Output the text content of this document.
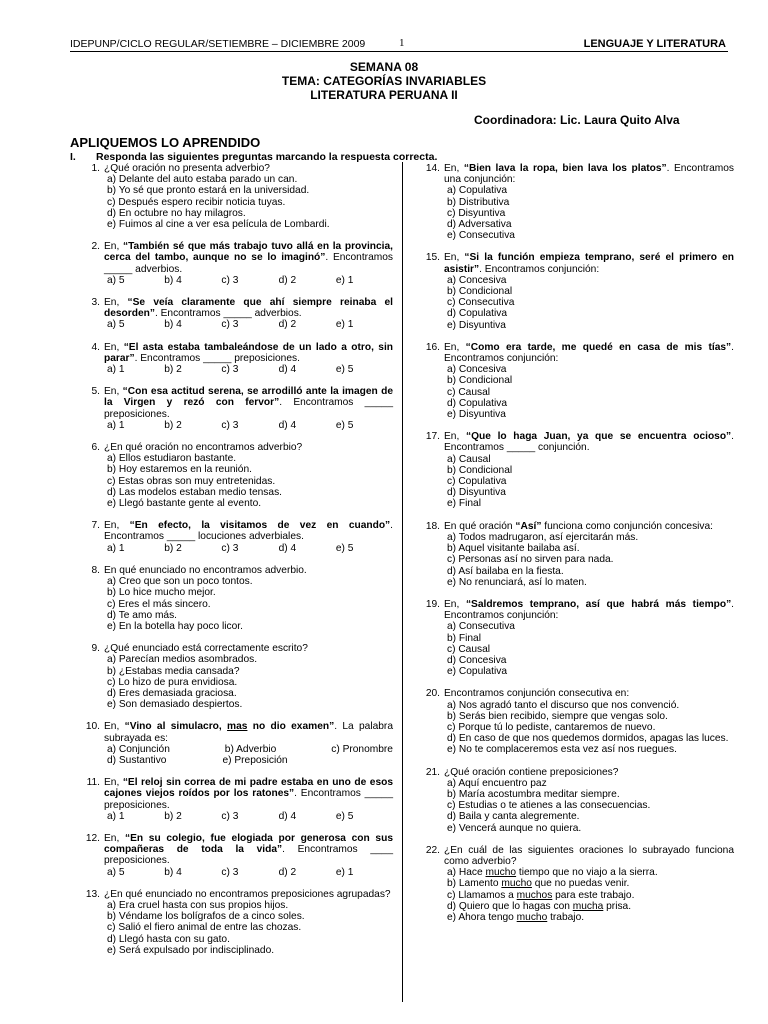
IDEPUNP/CICLO REGULAR/SETIEMBRE – DICIEMBRE 2009	1	LENGUAJE Y LITERATURA
SEMANA 08
TEMA: CATEGORÍAS INVARIABLES
LITERATURA PERUANA II
Coordinadora: Lic. Laura Quito Alva
APLIQUEMOS LO APRENDIDO
I. Responda las siguientes preguntas marcando la respuesta correcta.
1. ¿Qué oración no presenta adverbio?
a) Delante del auto estaba parado un can.
b) Yo sé que pronto estará en la universidad.
c) Después espero recibir noticia tuyas.
d) En octubre no hay milagros.
e) Fuimos al cine a ver esa película de Lombardi.
2. En, “También sé que más trabajo tuvo allá en la provincia, cerca del tambo, aunque no se lo imaginó”. Encontramos _____ adverbios.
a) 5	b) 4	c) 3	d) 2	e) 1
3. En, “Se veía claramente que ahí siempre reinaba el desorden”. Encontramos _____ adverbios.
a) 5	b) 4	c) 3	d) 2	e) 1
4. En, “El asta estaba tambaleándose de un lado a otro, sin parar”. Encontramos _____ preposiciones.
a) 1	b) 2	c) 3	d) 4	e) 5
5. En, “Con esa actitud serena, se arrodilló ante la imagen de la Virgen y rezó con fervor”. Encontramos _____ preposiciones.
a) 1	b) 2	c) 3	d) 4	e) 5
6. ¿En qué oración no encontramos adverbio?
a) Ellos estudiaron bastante.
b) Hoy estaremos en la reunión.
c) Estas obras son muy entretenidas.
d) Las modelos estaban medio tensas.
e) Llegó bastante gente al evento.
7. En, “En efecto, la visitamos de vez en cuando”. Encontramos _____ locuciones adverbiales.
a) 1	b) 2	c) 3	d) 4	e) 5
8. En qué enunciado no encontramos adverbio.
a) Creo que son un poco tontos.
b) Lo hice mucho mejor.
c) Eres el más sincero.
d) Te amo más.
e) En la botella hay poco licor.
9. ¿Qué enunciado está correctamente escrito?
a) Parecían medios asombrados.
b) ¿Estabas media cansada?
c) Lo hizo de pura envidiosa.
d) Eres demasiada graciosa.
e) Son demasiado despiertos.
10. En, “Vino al simulacro, mas no dio examen”. La palabra subrayada es:
a) Conjunción	b) Adverbio	c) Pronombre
d) Sustantivo	e) Preposición
11. En, “El reloj sin correa de mi padre estaba en uno de esos cajones viejos roídos por los ratones”. Encontramos _____ preposiciones.
a) 1	b) 2	c) 3	d) 4	e) 5
12. En, “En su colegio, fue elogiada por generosa con sus compañeras de toda la vida”. Encontramos ____ preposiciones.
a) 5	b) 4	c) 3	d) 2	e) 1
13. ¿En qué enunciado no encontramos preposiciones agrupadas?
a) Era cruel hasta con sus propios hijos.
b) Véndame los bolígrafos de a cinco soles.
c) Salió el fiero animal de entre las chozas.
d) Llegó hasta con su gato.
e) Será expulsado por indisciplinado.
14. En, “Bien lava la ropa, bien lava los platos”. Encontramos una conjunción:
a) Copulativa
b) Distributiva
c) Disyuntiva
d) Adversativa
e) Consecutiva
15. En, “Si la función empieza temprano, seré el primero en asistir”. Encontramos conjunción:
a) Concesiva
b) Condicional
c) Consecutiva
d) Copulativa
e) Disyuntiva
16. En, “Como era tarde, me quedé en casa de mis tías”. Encontramos conjunción:
a) Concesiva
b) Condicional
c) Causal
d) Copulativa
e) Disyuntiva
17. En, “Que lo haga Juan, ya que se encuentra ocioso”. Encontramos _____ conjunción.
a) Causal
b) Condicional
c) Copulativa
d) Disyuntiva
e) Final
18. En qué oración “Así” funciona como conjunción concesiva:
a) Todos madrugaron, así ejercitarán más.
b) Aquel visitante bailaba así.
c) Personas así no sirven para nada.
d) Así bailaba en la fiesta.
e) No renunciará, así lo maten.
19. En, “Saldremos temprano, así que habrá más tiempo”. Encontramos conjunción:
a) Consecutiva
b) Final
c) Causal
d) Concesiva
e) Copulativa
20. Encontramos conjunción consecutiva en:
a) Nos agradó tanto el discurso que nos convenció.
b) Serás bien recibido, siempre que vengas solo.
c) Porque tú lo pediste, cantaremos de nuevo.
d) En caso de que nos quedemos dormidos, apagas las luces.
e) No te complaceremos esta vez así nos ruegues.
21. ¿Qué oración contiene preposiciones?
a) Aquí encuentro paz
b) María acostumbra meditar siempre.
c) Estudias o te atienes a las consecuencias.
d) Baila y canta alegremente.
e) Vencerá aunque no quiera.
22. ¿En cuál de las siguientes oraciones lo subrayado funciona como adverbio?
a) Hace mucho tiempo que no viajo a la sierra.
b) Lamento mucho que no puedas venir.
c) Llamamos a muchos para este trabajo.
d) Quiero que lo hagas con mucha prisa.
e) Ahora tengo mucho trabajo.
